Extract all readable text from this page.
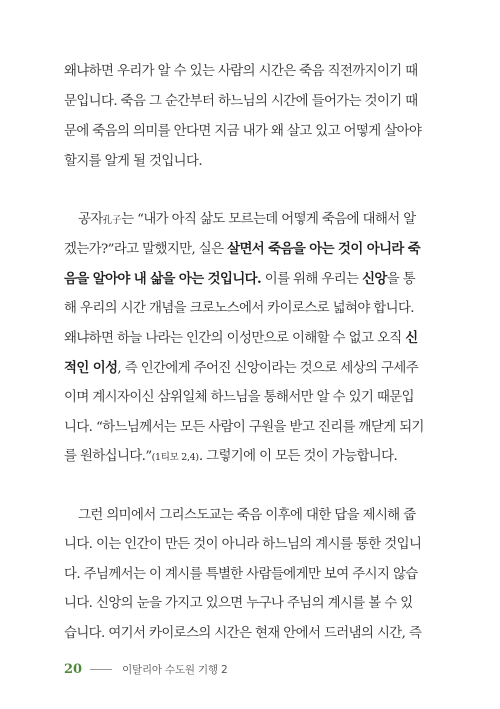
왜냐하면 우리가 알 수 있는 사람의 시간은 죽음 직전까지이기 때
문입니다. 죽음 그 순간부터 하느님의 시간에 들어가는 것이기 때
문에 죽음의 의미를 안다면 지금 내가 왜 살고 있고 어떻게 살아야
할지를 알게 될 것입니다.
공자孔子는 “내가 아직 삶도 모르는데 어떻게 죽음에 대해서 알
겠는가?”라고 말했지만, 실은 살면서 죽음을 아는 것이 아니라 죽
음을 알아야 내 삶을 아는 것입니다. 이를 위해 우리는 신앙을 통
해 우리의 시간 개념을 크로노스에서 카이로스로 넓혀야 합니다.
왜냐하면 하늘 나라는 인간의 이성만으로 이해할 수 없고 오직 신
적인 이성, 즉 인간에게 주어진 신앙이라는 것으로 세상의 구세주
이며 계시자이신 삼위일체 하느님을 통해서만 알 수 있기 때문입
니다. “하느님께서는 모든 사람이 구원을 받고 진리를 깨닫게 되기
를 원하십니다.”(1티모 2,4). 그렇기에 이 모든 것이 가능합니다.
그런 의미에서 그리스도교는 죽음 이후에 대한 답을 제시해 줍
니다. 이는 인간이 만든 것이 아니라 하느님의 계시를 통한 것입니
다. 주님께서는 이 계시를 특별한 사람들에게만 보여 주시지 않습
니다. 신앙의 눈을 가지고 있으면 누구나 주님의 계시를 볼 수 있
습니다. 여기서 카이로스의 시간은 현재 안에서 드러냄의 시간, 즉
20	이탈리아 수도원 기행 2
